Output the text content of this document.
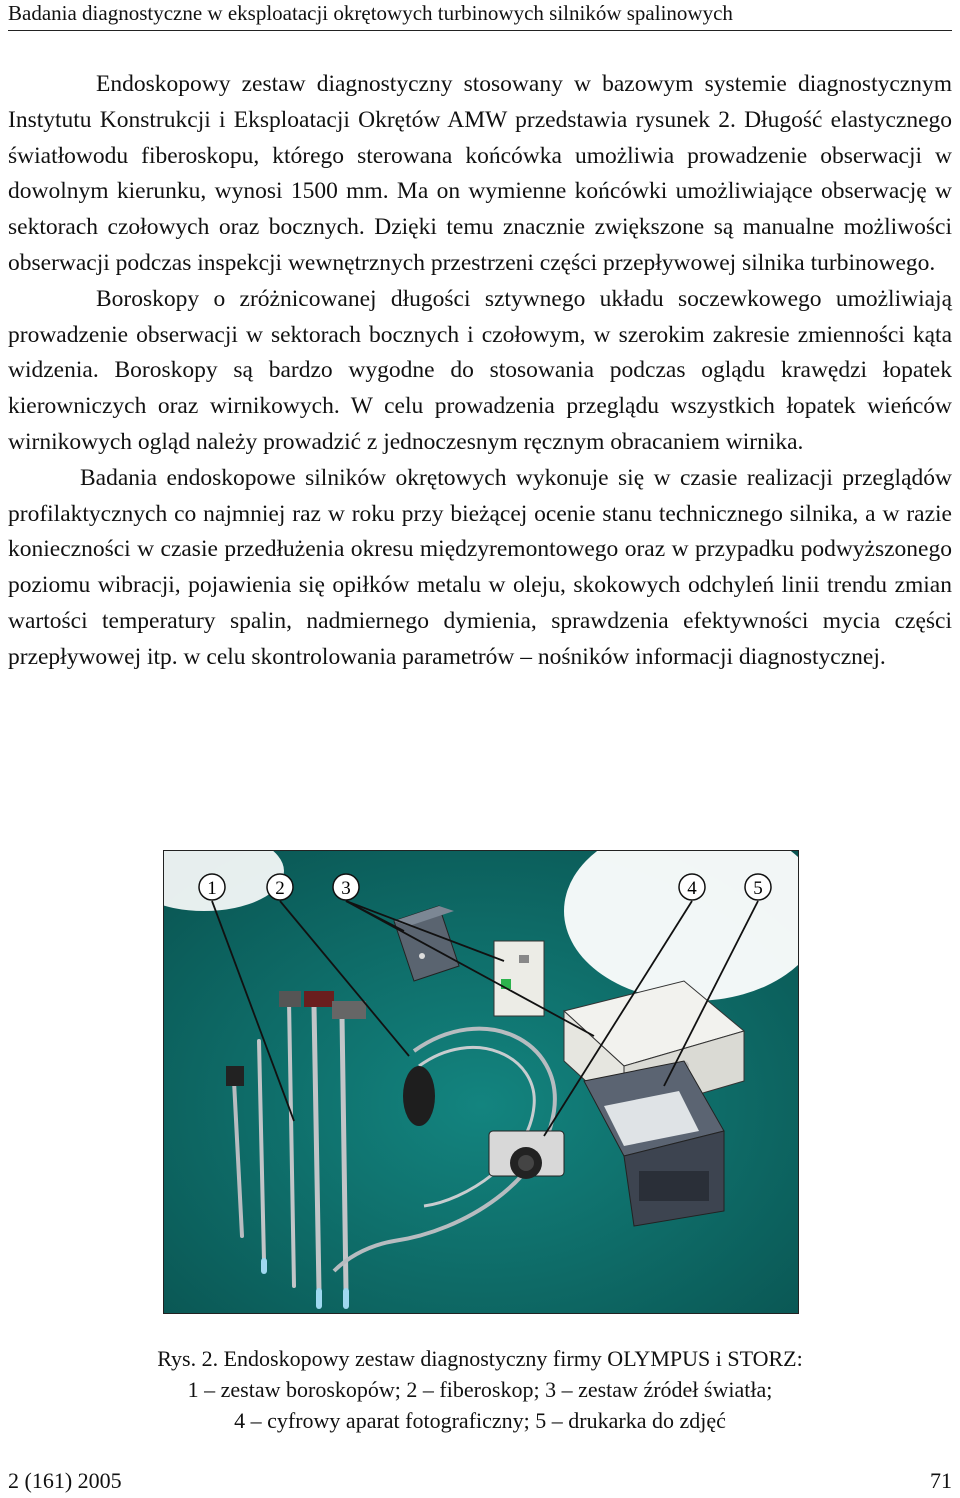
Badania diagnostyczne w eksploatacji okrętowych turbinowych silników spalinowych

Endoskopowy zestaw diagnostyczny stosowany w bazowym systemie diagnostycznym Instytutu Konstrukcji i Eksploatacji Okrętów AMW przedstawia rysunek 2. Długość elastycznego światłowodu fiberoskopu, którego sterowana końcówka umożliwia prowadzenie obserwacji w dowolnym kierunku, wynosi 1500 mm. Ma on wymienne końcówki umożliwiające obserwację w sektorach czołowych oraz bocznych. Dzięki temu znacznie zwiększone są manualne możliwości obserwacji podczas inspekcji wewnętrznych przestrzeni części przepływowej silnika turbinowego.

Boroskopy o zróżnicowanej długości sztywnego układu soczewkowego umożliwiają prowadzenie obserwacji w sektorach bocznych i czołowym, w szerokim zakresie zmienności kąta widzenia. Boroskopy są bardzo wygodne do stosowania podczas oglądu krawędzi łopatek kierowniczych oraz wirnikowych. W celu prowadzenia przeglądu wszystkich łopatek wieńców wirnikowych ogląd należy prowadzić z jednoczesnym ręcznym obracaniem wirnika.

Badania endoskopowe silników okrętowych wykonuje się w czasie realizacji przeglądów profilaktycznych co najmniej raz w roku przy bieżącej ocenie stanu technicznego silnika, a w razie konieczności w czasie przedłużenia okresu międzyremontowego oraz w przypadku podwyższonego poziomu wibracji, pojawienia się opiłków metalu w oleju, skokowych odchyleń linii trendu zmian wartości temperatury spalin, nadmiernego dymienia, sprawdzenia efektywności mycia części przepływowej itp. w celu skontrolowania parametrów – nośników informacji diagnostycznej.

1	2	3	4	5
Rys. 2. Endoskopowy zestaw diagnostyczny firmy OLYMPUS i STORZ:
1 – zestaw boroskopów; 2 – fiberoskop; 3 – zestaw źródeł światła;
4 – cyfrowy aparat fotograficzny; 5 – drukarka do zdjęć
2 (161) 2005	71
